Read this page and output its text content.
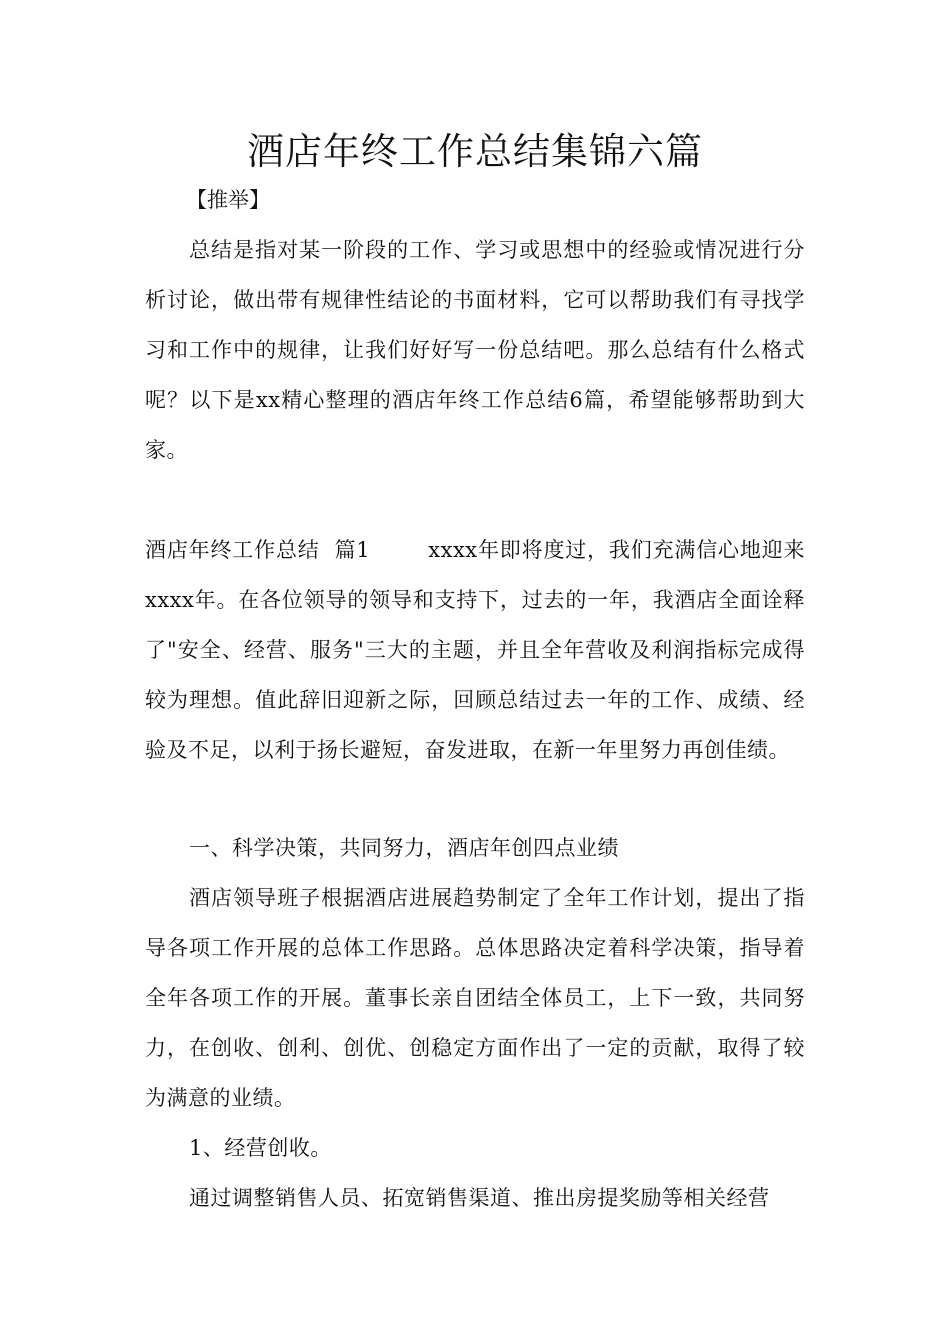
酒店年终工作总结集锦六篇
【推举】
总结是指对某一阶段的工作、学习或思想中的经验或情况进行分析讨论，做出带有规律性结论的书面材料，它可以帮助我们有寻找学习和工作中的规律，让我们好好写一份总结吧。那么总结有什么格式呢？以下是xx精心整理的酒店年终工作总结6篇，希望能够帮助到大家。
酒店年终工作总结  篇1	xxxx年即将度过，我们充满信心地迎来xxxx年。在各位领导的领导和支持下，过去的一年，我酒店全面诠释了"安全、经营、服务"三大的主题，并且全年营收及利润指标完成得较为理想。值此辞旧迎新之际，回顾总结过去一年的工作、成绩、经验及不足，以利于扬长避短，奋发进取，在新一年里努力再创佳绩。
一、科学决策，共同努力，酒店年创四点业绩
酒店领导班子根据酒店进展趋势制定了全年工作计划，提出了指导各项工作开展的总体工作思路。总体思路决定着科学决策，指导着全年各项工作的开展。董事长亲自团结全体员工，上下一致，共同努力，在创收、创利、创优、创稳定方面作出了一定的贡献，取得了较为满意的业绩。
1、经营创收。
通过调整销售人员、拓宽销售渠道、推出房提奖励等相关经营
